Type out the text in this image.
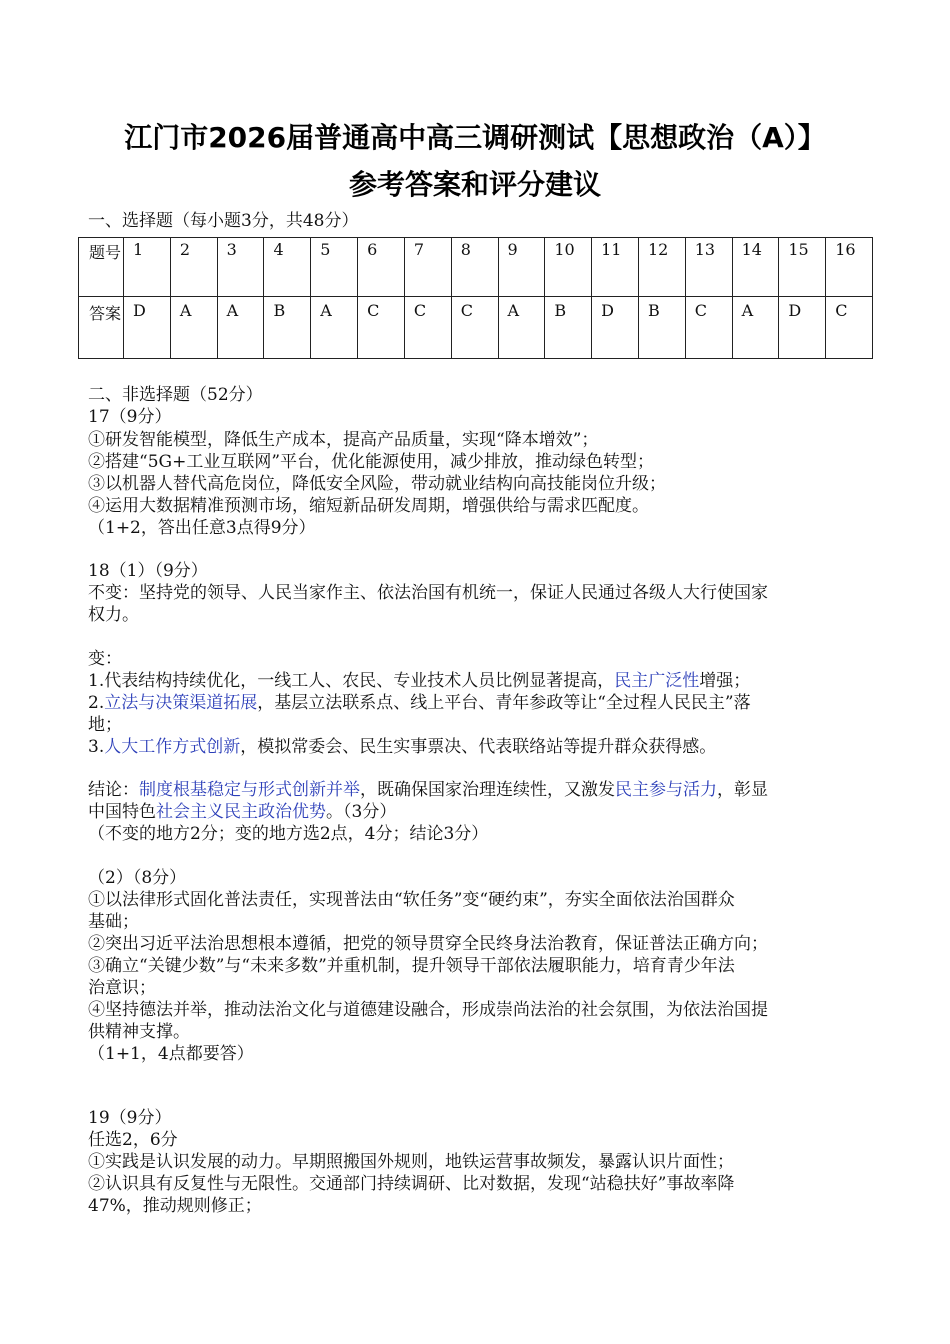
江门市2026届普通高中高三调研测试【思想政治（A）】
参考答案和评分建议
一、选择题（每小题3分，共48分）
题号	1	2	3	4	5	6	7	8	9	10	11	12	13	14	15	16
答案	D	A	A	B	A	C	C	C	A	B	D	B	C	A	D	C
二、非选择题（52分）
17（9分）
①研发智能模型，降低生产成本，提高产品质量，实现“降本增效”；
②搭建“5G+工业互联网”平台，优化能源使用，减少排放，推动绿色转型；
③以机器人替代高危岗位，降低安全风险，带动就业结构向高技能岗位升级；
④运用大数据精准预测市场，缩短新品研发周期，增强供给与需求匹配度。
（1+2，答出任意3点得9分）
18（1）（9分）
不变：坚持党的领导、人民当家作主、依法治国有机统一，保证人民通过各级人大行使国家
权力。
变：
1.代表结构持续优化，一线工人、农民、专业技术人员比例显著提高，民主广泛性增强；
2.立法与决策渠道拓展，基层立法联系点、线上平台、青年参政等让“全过程人民民主”落
地；
3.人大工作方式创新，模拟常委会、民生实事票决、代表联络站等提升群众获得感。
结论：制度根基稳定与形式创新并举，既确保国家治理连续性，又激发民主参与活力，彰显
中国特色社会主义民主政治优势。（3分）
（不变的地方2分；变的地方选2点，4分；结论3分）
（2）（8分）
①以法律形式固化普法责任，实现普法由“软任务”变“硬约束”，夯实全面依法治国群众
基础；
②突出习近平法治思想根本遵循，把党的领导贯穿全民终身法治教育，保证普法正确方向；
③确立“关键少数”与“未来多数”并重机制，提升领导干部依法履职能力，培育青少年法
治意识；
④坚持德法并举，推动法治文化与道德建设融合，形成崇尚法治的社会氛围，为依法治国提
供精神支撑。
（1+1，4点都要答）
19（9分）
任选2，6分
①实践是认识发展的动力。早期照搬国外规则，地铁运营事故频发，暴露认识片面性；
②认识具有反复性与无限性。交通部门持续调研、比对数据，发现“站稳扶好”事故率降
47%，推动规则修正；
